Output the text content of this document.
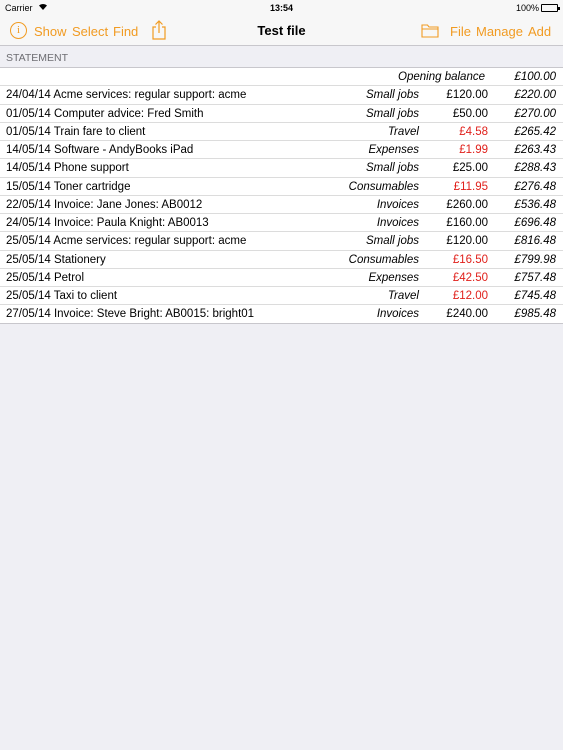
Carrier	13:54	100%
i	Show Select Find	Test file	File Manage Add
STATEMENT
Opening balance	£100.00
24/04/14 Acme services: regular support: acme	Small jobs £120.00 £220.00
01/05/14 Computer advice: Fred Smith	Small jobs	£50.00 £270.00
01/05/14 Train fare to client	Travel	£4.58 £265.42
14/05/14 Software - AndyBooks iPad	Expenses	£1.99 £263.43
14/05/14 Phone support	Small jobs	£25.00 £288.43
15/05/14 Toner cartridge	Consumables	£11.95 £276.48
22/05/14 Invoice: Jane Jones: AB0012	Invoices £260.00 £536.48
24/05/14 Invoice: Paula Knight: AB0013	Invoices £160.00 £696.48
25/05/14 Acme services: regular support: acme	Small jobs £120.00 £816.48
25/05/14 Stationery	Consumables	£16.50 £799.98
25/05/14 Petrol	Expenses	£42.50 £757.48
25/05/14 Taxi to client	Travel	£12.00 £745.48
27/05/14 Invoice: Steve Bright: AB0015: bright01	Invoices £240.00 £985.48
